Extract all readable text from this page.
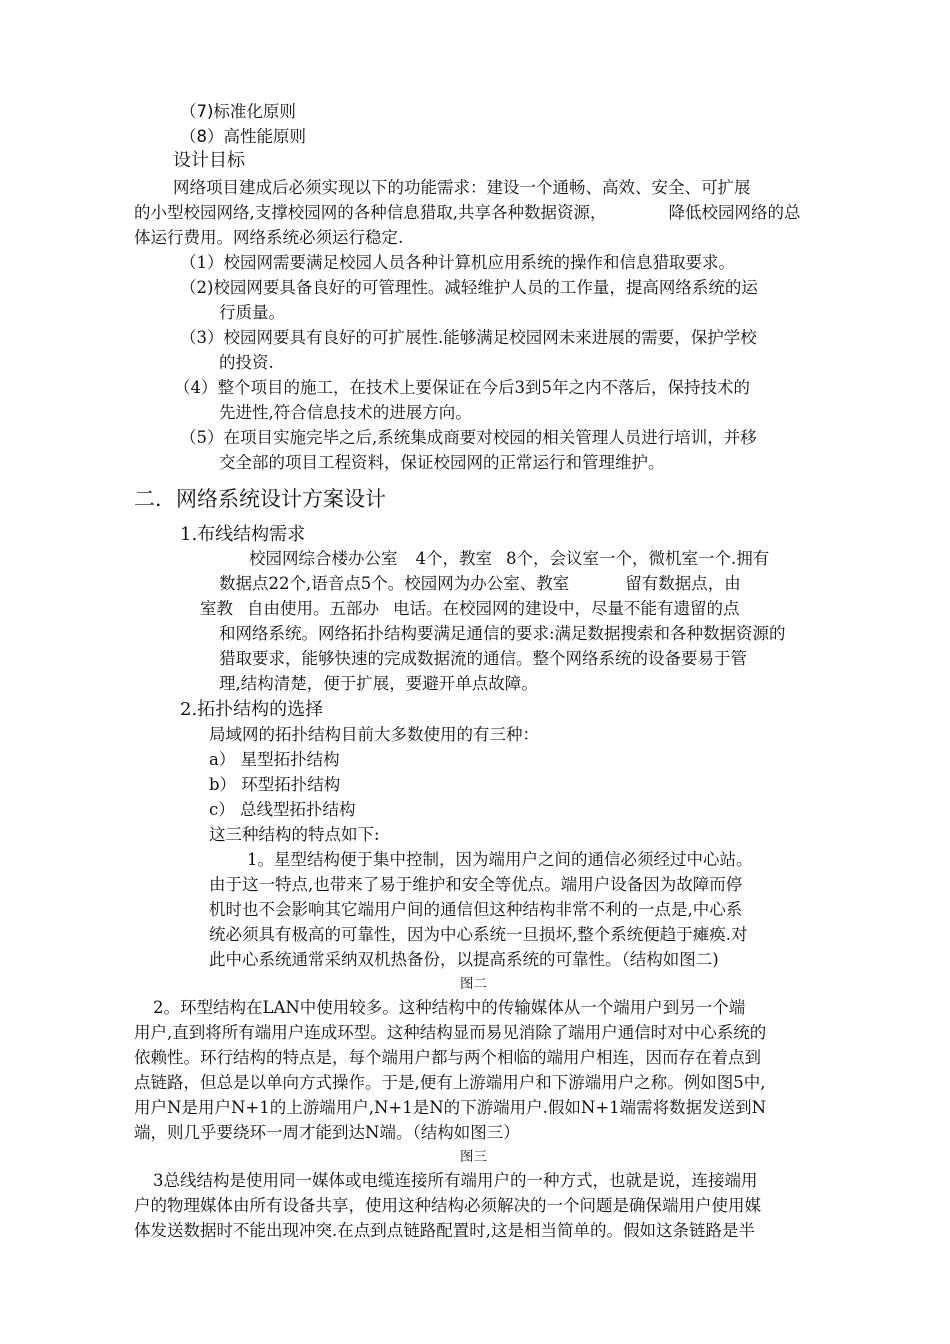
（7)标准化原则
（8）高性能原则
设计目标
网络项目建成后必须实现以下的功能需求：建设一个通畅、高效、安全、可扩展
的小型校园网络,支撑校园网的各种信息猎取,共享各种数据资源，	降低校园网络的总
体运行费用。网络系统必须运行稳定.
（1）校园网需要满足校园人员各种计算机应用系统的操作和信息猎取要求。
（2)校园网要具备良好的可管理性。减轻维护人员的工作量，提高网络系统的运
行质量。
（3）校园网要具有良好的可扩展性.能够满足校园网未来进展的需要，保护学校
的投资.
（4）整个项目的施工，在技术上要保证在今后3到5年之内不落后，保持技术的
先进性,符合信息技术的进展方向。
（5）在项目实施完毕之后,系统集成商要对校园的相关管理人员进行培训，并移
交全部的项目工程资料，保证校园网的正常运行和管理维护。
二．网络系统设计方案设计
1.布线结构需求
校园网综合楼办公室 4个，教室 8个，会议室一个，微机室一个.拥有
数据点22个,语音点5个。校园网为办公室、教室	留有数据点，由
室教 自由使用。五部办 电话。在校园网的建设中，尽量不能有遗留的点
和网络系统。网络拓扑结构要满足通信的要求:满足数据搜索和各种数据资源的
猎取要求，能够快速的完成数据流的通信。整个网络系统的设备要易于管
理,结构清楚，便于扩展，要避开单点故障。
2.拓扑结构的选择
局域网的拓扑结构目前大多数使用的有三种：
a） 星型拓扑结构
b） 环型拓扑结构
c） 总线型拓扑结构
这三种结构的特点如下:
1。星型结构便于集中控制，因为端用户之间的通信必须经过中心站。
由于这一特点,也带来了易于维护和安全等优点。端用户设备因为故障而停
机时也不会影响其它端用户间的通信但这种结构非常不利的一点是,中心系
统必须具有极高的可靠性，因为中心系统一旦损坏,整个系统便趋于瘫痪.对
此中心系统通常采纳双机热备份，以提高系统的可靠性。（结构如图二)
图二
2。环型结构在LAN中使用较多。这种结构中的传输媒体从一个端用户到另一个端
用户,直到将所有端用户连成环型。这种结构显而易见消除了端用户通信时对中心系统的
依赖性。环行结构的特点是，每个端用户都与两个相临的端用户相连，因而存在着点到
点链路，但总是以单向方式操作。于是,便有上游端用户和下游端用户之称。例如图5中,
用户N是用户N+1的上游端用户,N+1是N的下游端用户.假如N+1端需将数据发送到N
端，则几乎要绕环一周才能到达N端。（结构如图三）
图三
3总线结构是使用同一媒体或电缆连接所有端用户的一种方式，也就是说，连接端用
户的物理媒体由所有设备共享，使用这种结构必须解决的一个问题是确保端用户使用媒
体发送数据时不能出现冲突.在点到点链路配置时,这是相当简单的。假如这条链路是半
